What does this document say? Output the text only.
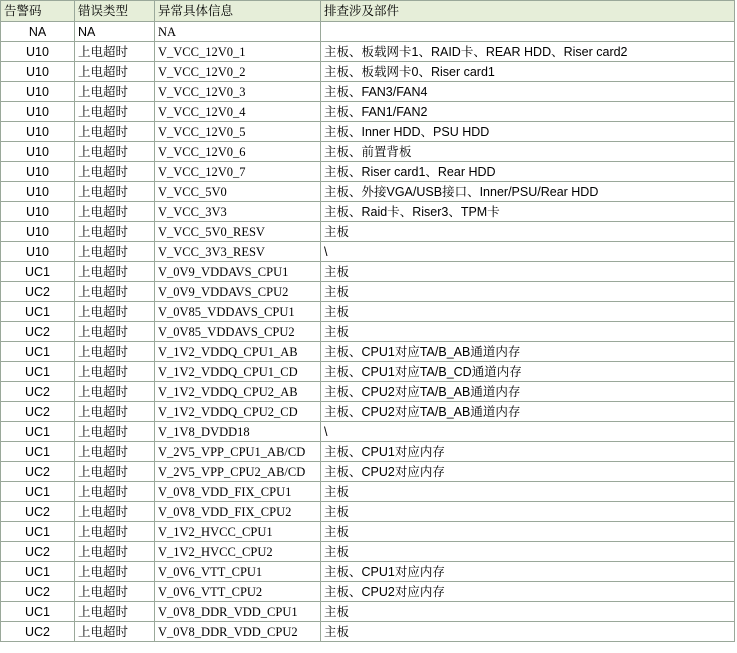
告警码	错误类型	异常具体信息	排查涉及部件
NA	NA	NA	
U10	上电超时	V_VCC_12V0_1	主板、板载网卡1、RAID卡、REAR HDD、Riser card2
U10	上电超时	V_VCC_12V0_2	主板、板载网卡0、Riser card1
U10	上电超时	V_VCC_12V0_3	主板、FAN3/FAN4
U10	上电超时	V_VCC_12V0_4	主板、FAN1/FAN2
U10	上电超时	V_VCC_12V0_5	主板、Inner HDD、PSU HDD
U10	上电超时	V_VCC_12V0_6	主板、前置背板
U10	上电超时	V_VCC_12V0_7	主板、Riser card1、Rear HDD
U10	上电超时	V_VCC_5V0	主板、外接VGA/USB接口、Inner/PSU/Rear HDD
U10	上电超时	V_VCC_3V3	主板、Raid卡、Riser3、TPM卡
U10	上电超时	V_VCC_5V0_RESV	主板
U10	上电超时	V_VCC_3V3_RESV	\
UC1	上电超时	V_0V9_VDDAVS_CPU1	主板
UC2	上电超时	V_0V9_VDDAVS_CPU2	主板
UC1	上电超时	V_0V85_VDDAVS_CPU1	主板
UC2	上电超时	V_0V85_VDDAVS_CPU2	主板
UC1	上电超时	V_1V2_VDDQ_CPU1_AB	主板、CPU1对应TA/B_AB通道内存
UC1	上电超时	V_1V2_VDDQ_CPU1_CD	主板、CPU1对应TA/B_CD通道内存
UC2	上电超时	V_1V2_VDDQ_CPU2_AB	主板、CPU2对应TA/B_AB通道内存
UC2	上电超时	V_1V2_VDDQ_CPU2_CD	主板、CPU2对应TA/B_AB通道内存
UC1	上电超时	V_1V8_DVDD18	\
UC1	上电超时	V_2V5_VPP_CPU1_AB/CD	主板、CPU1对应内存
UC2	上电超时	V_2V5_VPP_CPU2_AB/CD	主板、CPU2对应内存
UC1	上电超时	V_0V8_VDD_FIX_CPU1	主板
UC2	上电超时	V_0V8_VDD_FIX_CPU2	主板
UC1	上电超时	V_1V2_HVCC_CPU1	主板
UC2	上电超时	V_1V2_HVCC_CPU2	主板
UC1	上电超时	V_0V6_VTT_CPU1	主板、CPU1对应内存
UC2	上电超时	V_0V6_VTT_CPU2	主板、CPU2对应内存
UC1	上电超时	V_0V8_DDR_VDD_CPU1	主板
UC2	上电超时	V_0V8_DDR_VDD_CPU2	主板
